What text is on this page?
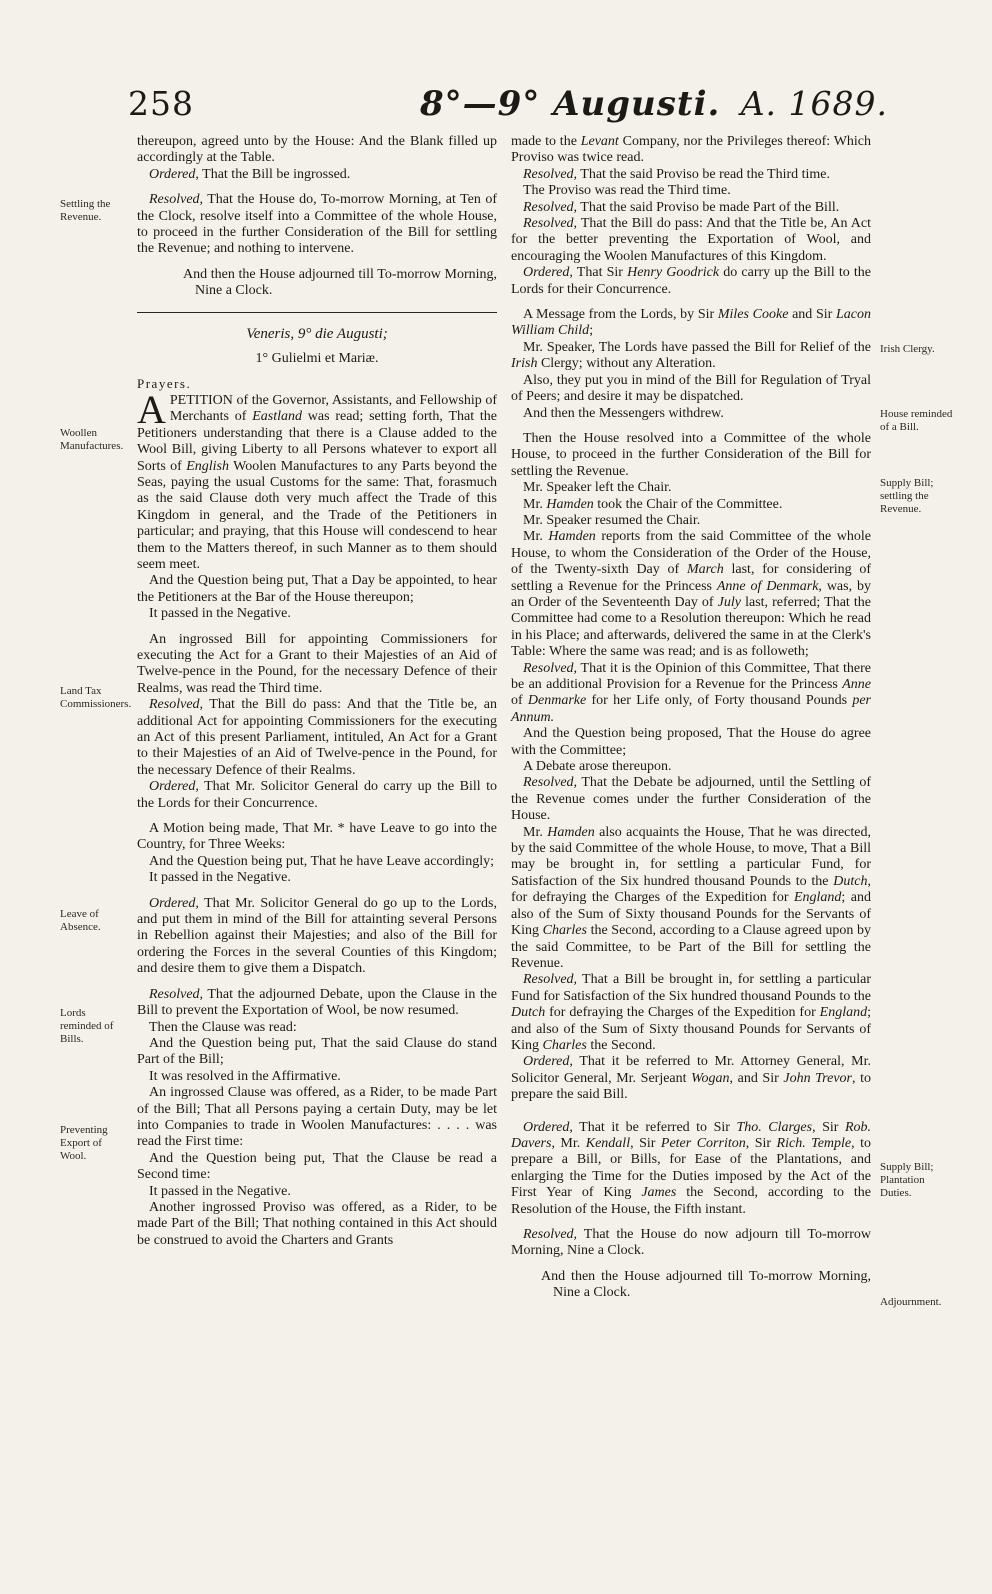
258	8°—9° Augusti. A. 1689.
Settling the Revenue.
Woollen Manufactures.
Land Tax Commissioners.
Leave of Absence.
Lords reminded of Bills.
Preventing Export of Wool.
Irish Clergy.
House reminded of a Bill.
Supply Bill; settling the Revenue.
Supply Bill; Plantation Duties.
Adjournment.

thereupon, agreed unto by the House: And the Blank filled up accordingly at the Table.

Ordered, That the Bill be ingrossed.

Resolved, That the House do, To-morrow Morning, at Ten of the Clock, resolve itself into a Committee of the whole House, to proceed in the further Consideration of the Bill for settling the Revenue; and nothing to intervene.

And then the House adjourned till To-morrow Morning, Nine a Clock.

Veneris, 9° die Augusti;

1° Gulielmi et Mariæ.

Prayers.

A PETITION of the Governor, Assistants, and Fellowship of Merchants of Eastland was read; setting forth, That the Petitioners understanding that there is a Clause added to the Wool Bill, giving Liberty to all Persons whatever to export all Sorts of English Woolen Manufactures to any Parts beyond the Seas, paying the usual Customs for the same: That, forasmuch as the said Clause doth very much affect the Trade of this Kingdom in general, and the Trade of the Petitioners in particular; and praying, that this House will condescend to hear them to the Matters thereof, in such Manner as to them should seem meet.

And the Question being put, That a Day be appointed, to hear the Petitioners at the Bar of the House thereupon;

It passed in the Negative.

An ingrossed Bill for appointing Commissioners for executing the Act for a Grant to their Majesties of an Aid of Twelve-pence in the Pound, for the necessary Defence of their Realms, was read the Third time.

Resolved, That the Bill do pass: And that the Title be, an additional Act for appointing Commissioners for the executing an Act of this present Parliament, intituled, An Act for a Grant to their Majesties of an Aid of Twelve-pence in the Pound, for the necessary Defence of their Realms.

Ordered, That Mr. Solicitor General do carry up the Bill to the Lords for their Concurrence.

A Motion being made, That Mr. * have Leave to go into the Country, for Three Weeks:

And the Question being put, That he have Leave accordingly;

It passed in the Negative.

Ordered, That Mr. Solicitor General do go up to the Lords, and put them in mind of the Bill for attainting several Persons in Rebellion against their Majesties; and also of the Bill for ordering the Forces in the several Counties of this Kingdom; and desire them to give them a Dispatch.

Resolved, That the adjourned Debate, upon the Clause in the Bill to prevent the Exportation of Wool, be now resumed.

Then the Clause was read:

And the Question being put, That the said Clause do stand Part of the Bill;

It was resolved in the Affirmative.

An ingrossed Clause was offered, as a Rider, to be made Part of the Bill; That all Persons paying a certain Duty, may be let into Companies to trade in Woolen Manufactures: . . . . was read the First time:

And the Question being put, That the Clause be read a Second time:

It passed in the Negative.

Another ingrossed Proviso was offered, as a Rider, to be made Part of the Bill; That nothing contained in this Act should be construed to avoid the Charters and Grants

made to the Levant Company, nor the Privileges thereof: Which Proviso was twice read.

Resolved, That the said Proviso be read the Third time.

The Proviso was read the Third time.

Resolved, That the said Proviso be made Part of the Bill.

Resolved, That the Bill do pass: And that the Title be, An Act for the better preventing the Exportation of Wool, and encouraging the Woolen Manufactures of this Kingdom.

Ordered, That Sir Henry Goodrick do carry up the Bill to the Lords for their Concurrence.

A Message from the Lords, by Sir Miles Cooke and Sir Lacon William Child;

Mr. Speaker, The Lords have passed the Bill for Relief of the Irish Clergy; without any Alteration.

Also, they put you in mind of the Bill for Regulation of Tryal of Peers; and desire it may be dispatched.

And then the Messengers withdrew.

Then the House resolved into a Committee of the whole House, to proceed in the further Consideration of the Bill for settling the Revenue.

Mr. Speaker left the Chair.

Mr. Hamden took the Chair of the Committee.

Mr. Speaker resumed the Chair.

Mr. Hamden reports from the said Committee of the whole House, to whom the Consideration of the Order of the House, of the Twenty-sixth Day of March last, for considering of settling a Revenue for the Princess Anne of Denmark, was, by an Order of the Seventeenth Day of July last, referred; That the Committee had come to a Resolution thereupon: Which he read in his Place; and afterwards, delivered the same in at the Clerk's Table: Where the same was read; and is as followeth;

Resolved, That it is the Opinion of this Committee, That there be an additional Provision for a Revenue for the Princess Anne of Denmarke for her Life only, of Forty thousand Pounds per Annum.

And the Question being proposed, That the House do agree with the Committee;

A Debate arose thereupon.

Resolved, That the Debate be adjourned, until the Settling of the Revenue comes under the further Consideration of the House.

Mr. Hamden also acquaints the House, That he was directed, by the said Committee of the whole House, to move, That a Bill may be brought in, for settling a particular Fund, for Satisfaction of the Six hundred thousand Pounds to the Dutch, for defraying the Charges of the Expedition for England; and also of the Sum of Sixty thousand Pounds for the Servants of King Charles the Second, according to a Clause agreed upon by the said Committee, to be Part of the Bill for settling the Revenue.

Resolved, That a Bill be brought in, for settling a particular Fund for Satisfaction of the Six hundred thousand Pounds to the Dutch for defraying the Charges of the Expedition for England; and also of the Sum of Sixty thousand Pounds for Servants of King Charles the Second.

Ordered, That it be referred to Mr. Attorney General, Mr. Solicitor General, Mr. Serjeant Wogan, and Sir John Trevor, to prepare the said Bill.

Ordered, That it be referred to Sir Tho. Clarges, Sir Rob. Davers, Mr. Kendall, Sir Peter Corriton, Sir Rich. Temple, to prepare a Bill, or Bills, for Ease of the Plantations, and enlarging the Time for the Duties imposed by the Act of the First Year of King James the Second, according to the Resolution of the House, the Fifth instant.

Resolved, That the House do now adjourn till To-morrow Morning, Nine a Clock.

And then the House adjourned till To-morrow Morning, Nine a Clock.
